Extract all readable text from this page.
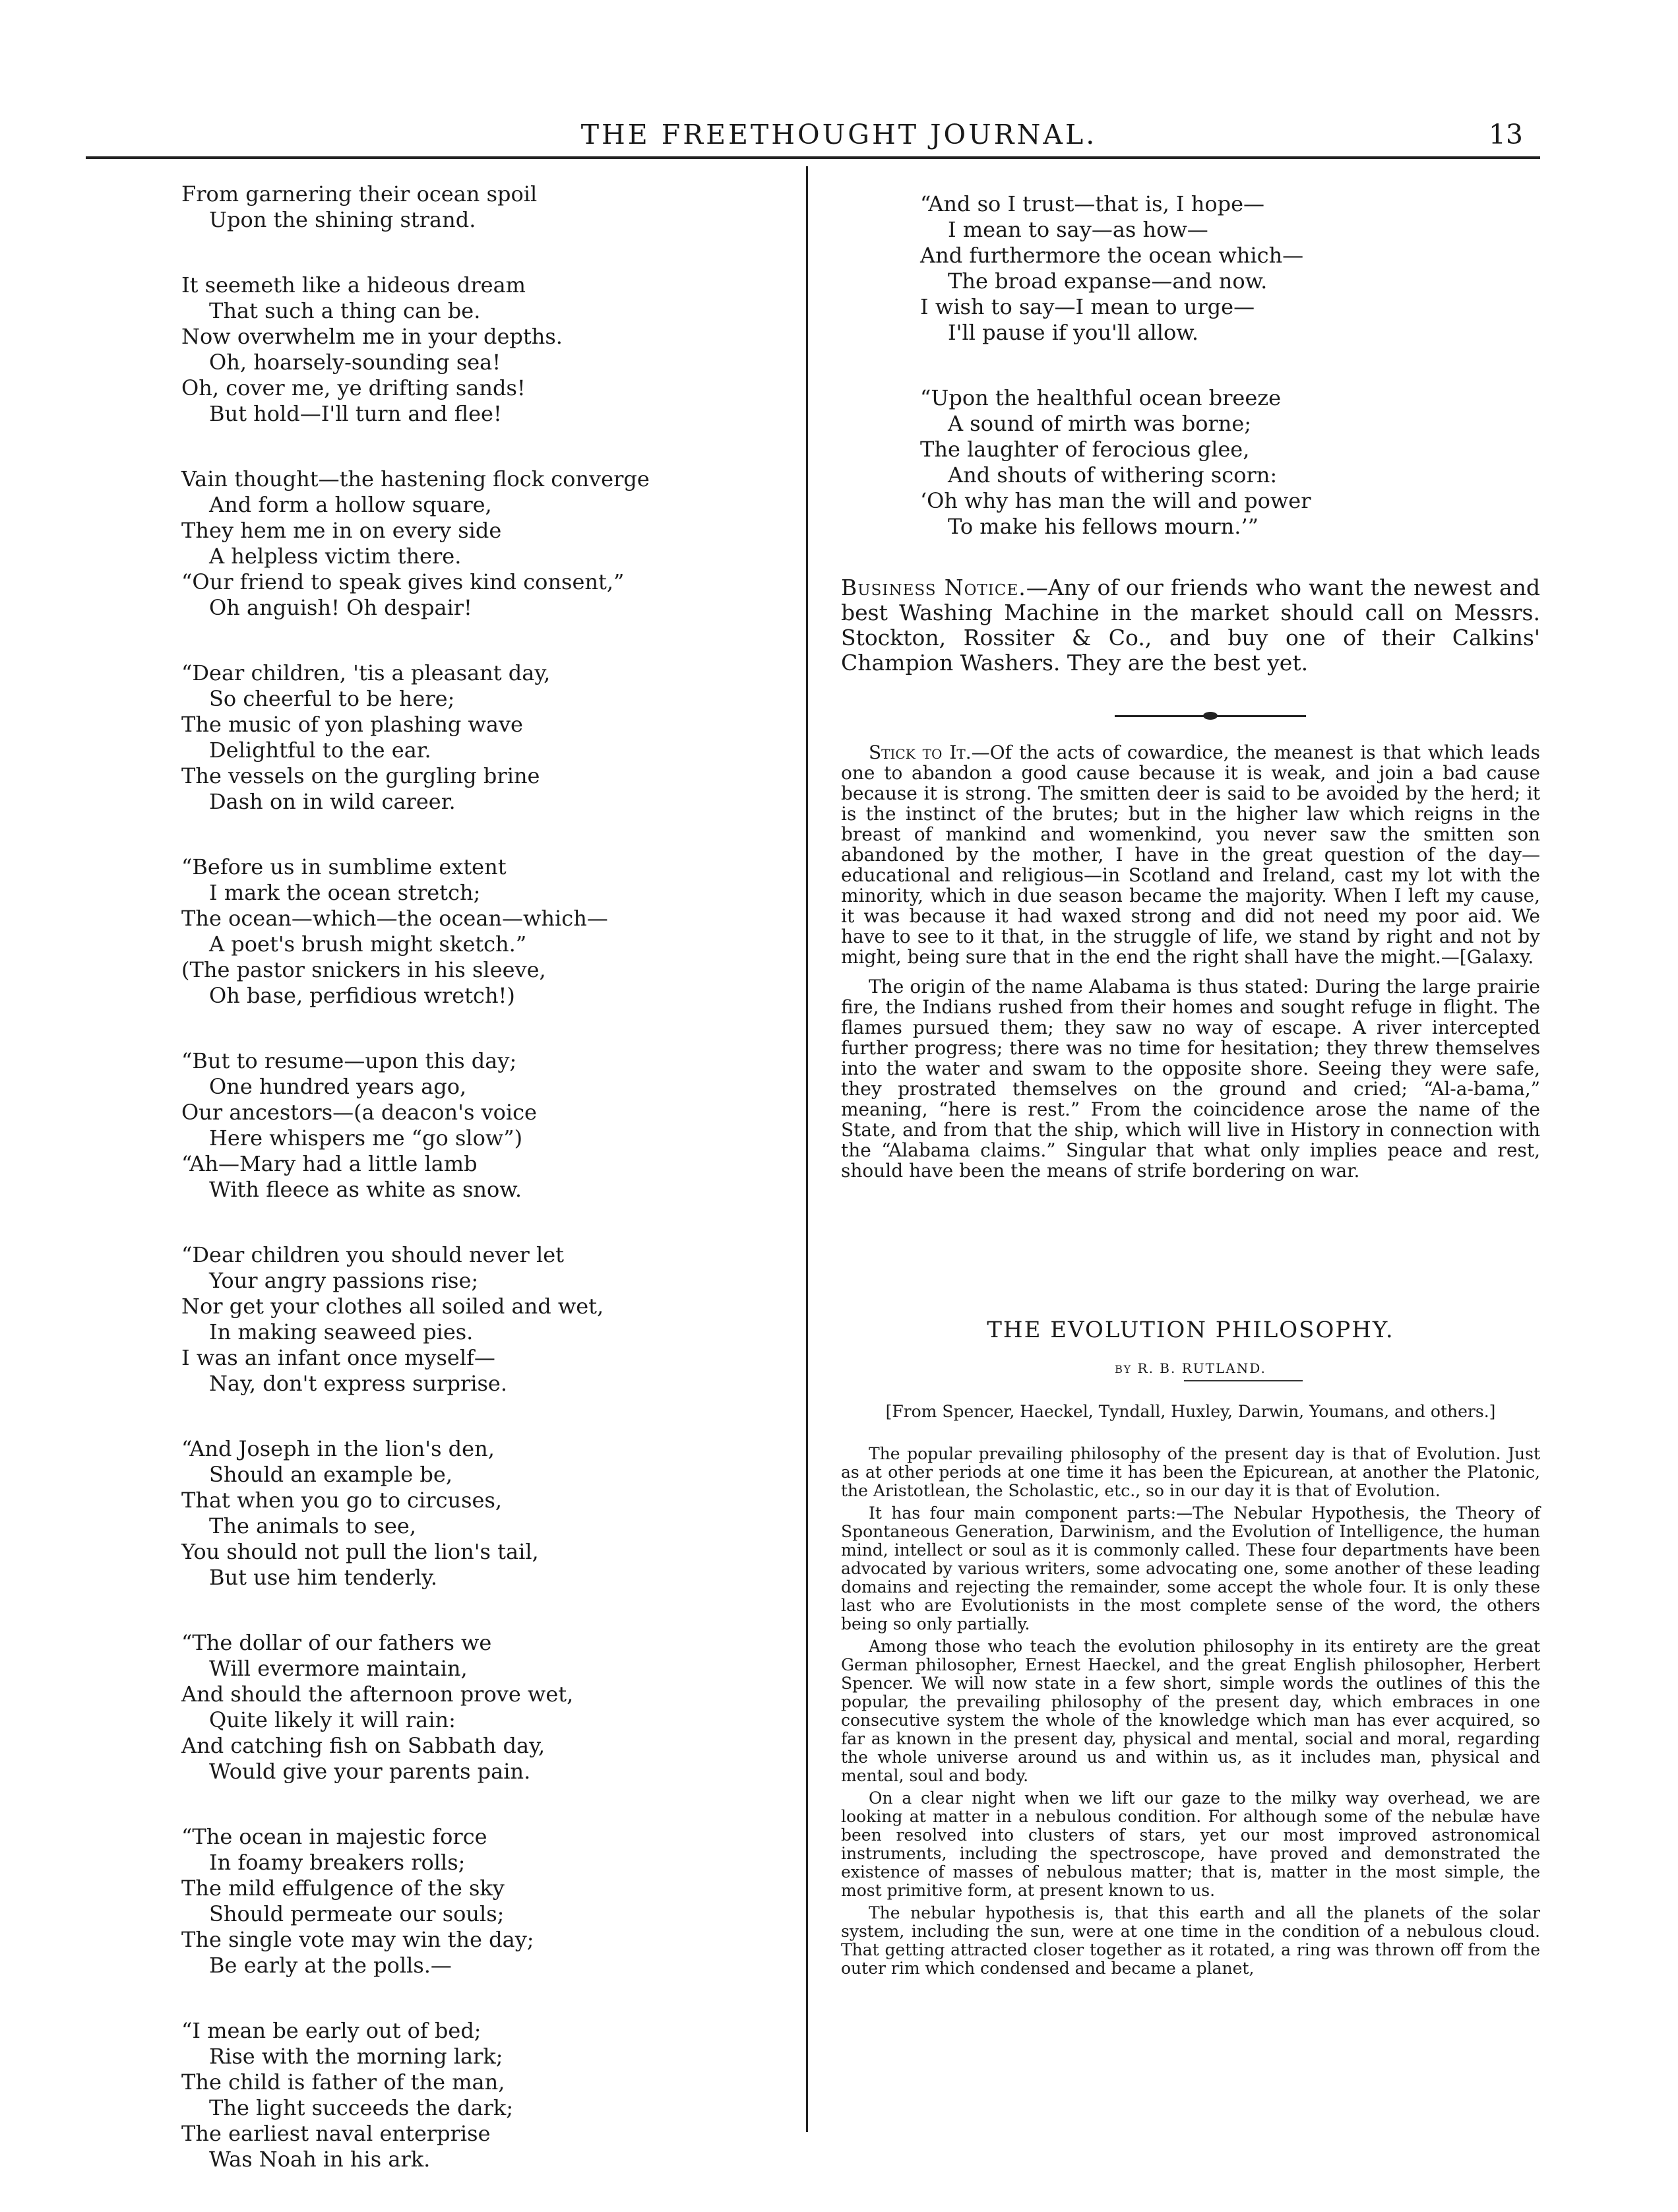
THE FREETHOUGHT JOURNAL.	13
From garnering their ocean spoil
Upon the shining strand.
It seemeth like a hideous dream
That such a thing can be.
Now overwhelm me in your depths.
Oh, hoarsely-sounding sea!
Oh, cover me, ye drifting sands!
But hold—I'll turn and flee!
Vain thought—the hastening flock converge
And form a hollow square,
They hem me in on every side
A helpless victim there.
“Our friend to speak gives kind consent,”
Oh anguish! Oh despair!
“Dear children, 'tis a pleasant day,
So cheerful to be here;
The music of yon plashing wave
Delightful to the ear.
The vessels on the gurgling brine
Dash on in wild career.
“Before us in sumblime extent
I mark the ocean stretch;
The ocean—which—the ocean—which—
A poet's brush might sketch.”
(The pastor snickers in his sleeve,
Oh base, perfidious wretch!)
“But to resume—upon this day;
One hundred years ago,
Our ancestors—(a deacon's voice
Here whispers me “go slow”)
“Ah—Mary had a little lamb
With fleece as white as snow.
“Dear children you should never let
Your angry passions rise;
Nor get your clothes all soiled and wet,
In making seaweed pies.
I was an infant once myself—
Nay, don't express surprise.
“And Joseph in the lion's den,
Should an example be,
That when you go to circuses,
The animals to see,
You should not pull the lion's tail,
But use him tenderly.
“The dollar of our fathers we
Will evermore maintain,
And should the afternoon prove wet,
Quite likely it will rain:
And catching fish on Sabbath day,
Would give your parents pain.
“The ocean in majestic force
In foamy breakers rolls;
The mild effulgence of the sky
Should permeate our souls;
The single vote may win the day;
Be early at the polls.—
“I mean be early out of bed;
Rise with the morning lark;
The child is father of the man,
The light succeeds the dark;
The earliest naval enterprise
Was Noah in his ark.
“And so I trust—that is, I hope—
I mean to say—as how—
And furthermore the ocean which—
The broad expanse—and now.
I wish to say—I mean to urge—
I'll pause if you'll allow.
“Upon the healthful ocean breeze
A sound of mirth was borne;
The laughter of ferocious glee,
And shouts of withering scorn:
‘Oh why has man the will and power
To make his fellows mourn.’”
Business Notice.—Any of our friends who want the newest and best Washing Machine in the market should call on Messrs. Stockton, Rossiter & Co., and buy one of their Calkins' Champion Washers. They are the best yet.

Stick to It.—Of the acts of cowardice, the meanest is that which leads one to abandon a good cause because it is weak, and join a bad cause because it is strong. The smitten deer is said to be avoided by the herd; it is the instinct of the brutes; but in the higher law which reigns in the breast of mankind and womenkind, you never saw the smitten son abandoned by the mother, I have in the great question of the day—educational and religious—in Scotland and Ireland, cast my lot with the minority, which in due season became the majority. When I left my cause, it was because it had waxed strong and did not need my poor aid. We have to see to it that, in the struggle of life, we stand by right and not by might, being sure that in the end the right shall have the might.—[Galaxy.

The origin of the name Alabama is thus stated: During the large prairie fire, the Indians rushed from their homes and sought refuge in flight. The flames pursued them; they saw no way of escape. A river intercepted further progress; there was no time for hesitation; they threw themselves into the water and swam to the opposite shore. Seeing they were safe, they prostrated themselves on the ground and cried; “Al-a-bama,” meaning, “here is rest.” From the coincidence arose the name of the State, and from that the ship, which will live in History in connection with the “Alabama claims.” Singular that what only implies peace and rest, should have been the means of strife bordering on war.

THE EVOLUTION PHILOSOPHY.
BY R. B. RUTLAND.
[From Spencer, Haeckel, Tyndall, Huxley, Darwin, Youmans, and others.]

The popular prevailing philosophy of the present day is that of Evolution. Just as at other periods at one time it has been the Epicurean, at another the Platonic, the Aristotlean, the Scholastic, etc., so in our day it is that of Evolution.

It has four main component parts:—The Nebular Hypothesis, the Theory of Spontaneous Generation, Darwinism, and the Evolution of Intelligence, the human mind, intellect or soul as it is commonly called. These four departments have been advocated by various writers, some advocating one, some another of these leading domains and rejecting the remainder, some accept the whole four. It is only these last who are Evolutionists in the most complete sense of the word, the others being so only partially.

Among those who teach the evolution philosophy in its entirety are the great German philosopher, Ernest Haeckel, and the great English philosopher, Herbert Spencer. We will now state in a few short, simple words the outlines of this the popular, the prevailing philosophy of the present day, which embraces in one consecutive system the whole of the knowledge which man has ever acquired, so far as known in the present day, physical and mental, social and moral, regarding the whole universe around us and within us, as it includes man, physical and mental, soul and body.

On a clear night when we lift our gaze to the milky way overhead, we are looking at matter in a nebulous condition. For although some of the nebulæ have been resolved into clusters of stars, yet our most improved astronomical instruments, including the spectroscope, have proved and demonstrated the existence of masses of nebulous matter; that is, matter in the most simple, the most primitive form, at present known to us.

The nebular hypothesis is, that this earth and all the planets of the solar system, including the sun, were at one time in the condition of a nebulous cloud. That getting attracted closer together as it rotated, a ring was thrown off from the outer rim which condensed and became a planet,
